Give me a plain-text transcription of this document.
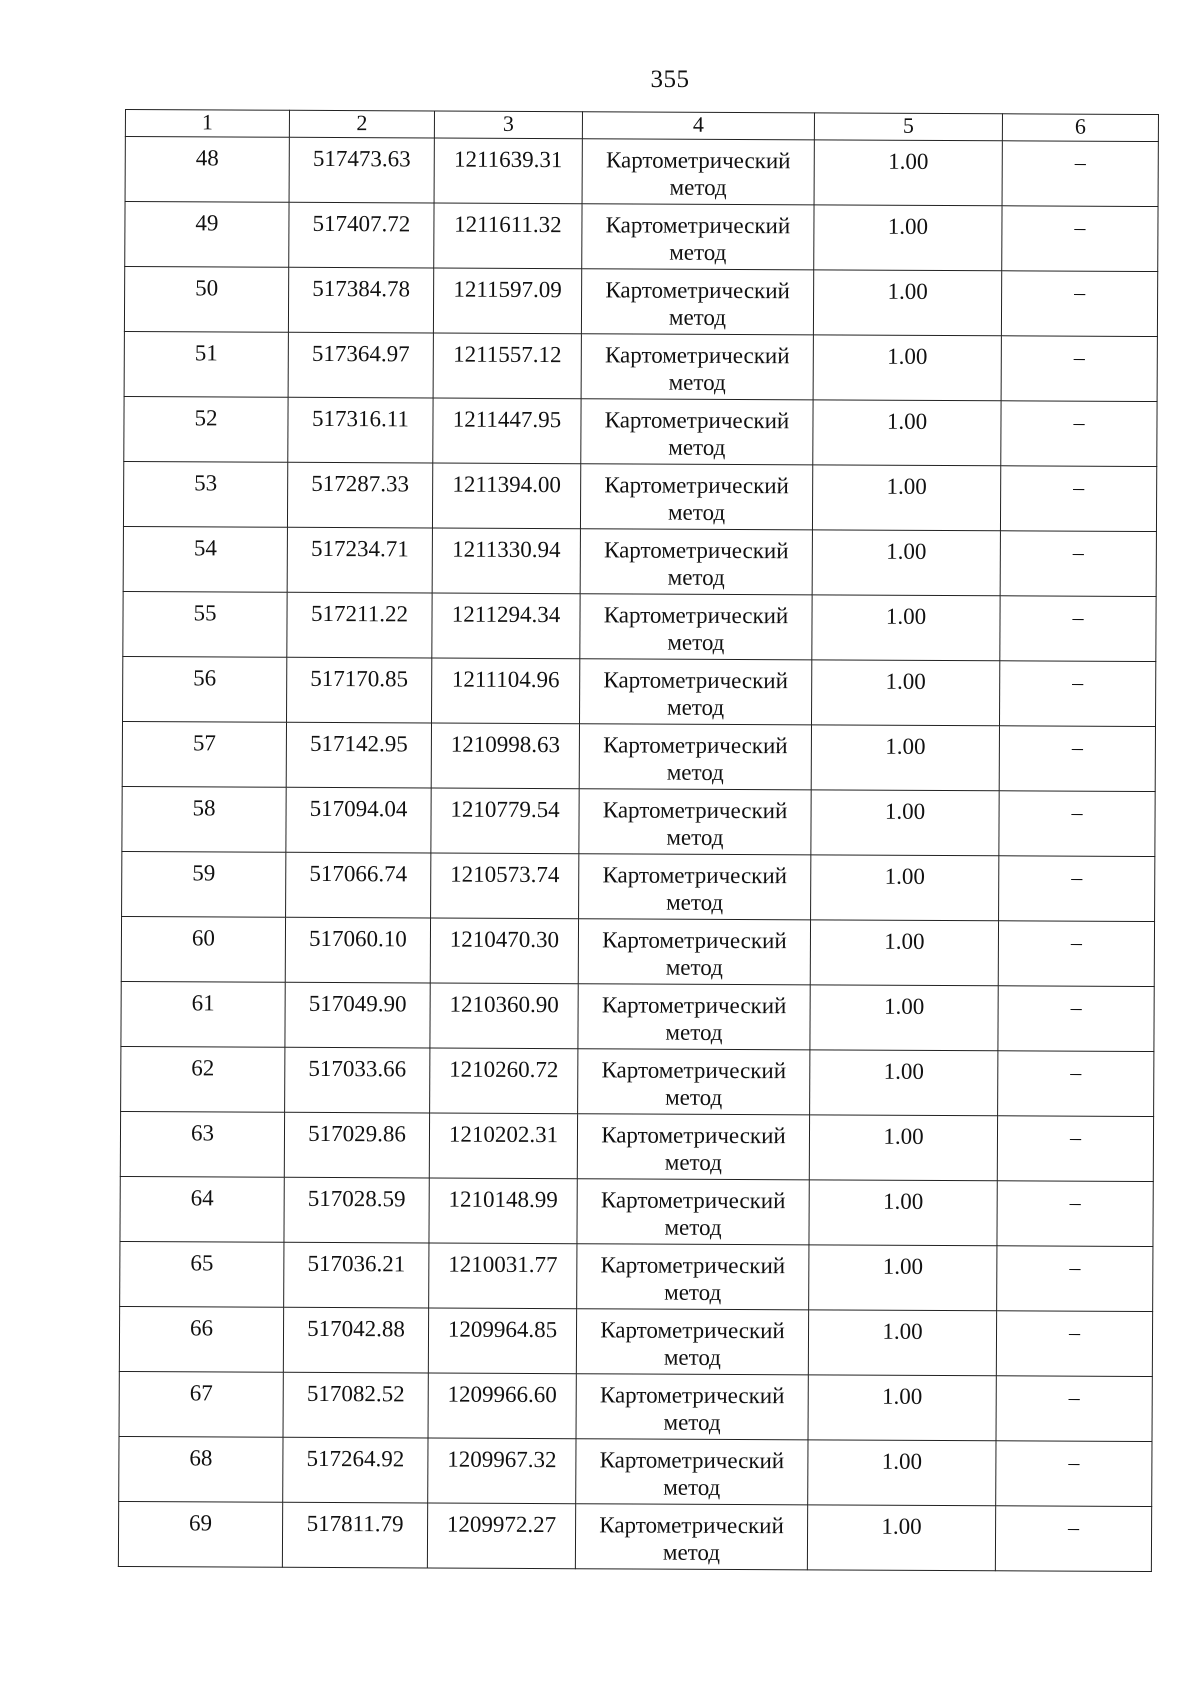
355
1	2	3	4	5	6
48	517473.63	1211639.31	Картометрический метод	1.00	–
49	517407.72	1211611.32	Картометрический метод	1.00	–
50	517384.78	1211597.09	Картометрический метод	1.00	–
51	517364.97	1211557.12	Картометрический метод	1.00	–
52	517316.11	1211447.95	Картометрический метод	1.00	–
53	517287.33	1211394.00	Картометрический метод	1.00	–
54	517234.71	1211330.94	Картометрический метод	1.00	–
55	517211.22	1211294.34	Картометрический метод	1.00	–
56	517170.85	1211104.96	Картометрический метод	1.00	–
57	517142.95	1210998.63	Картометрический метод	1.00	–
58	517094.04	1210779.54	Картометрический метод	1.00	–
59	517066.74	1210573.74	Картометрический метод	1.00	–
60	517060.10	1210470.30	Картометрический метод	1.00	–
61	517049.90	1210360.90	Картометрический метод	1.00	–
62	517033.66	1210260.72	Картометрический метод	1.00	–
63	517029.86	1210202.31	Картометрический метод	1.00	–
64	517028.59	1210148.99	Картометрический метод	1.00	–
65	517036.21	1210031.77	Картометрический метод	1.00	–
66	517042.88	1209964.85	Картометрический метод	1.00	–
67	517082.52	1209966.60	Картометрический метод	1.00	–
68	517264.92	1209967.32	Картометрический метод	1.00	–
69	517811.79	1209972.27	Картометрический метод	1.00	–
